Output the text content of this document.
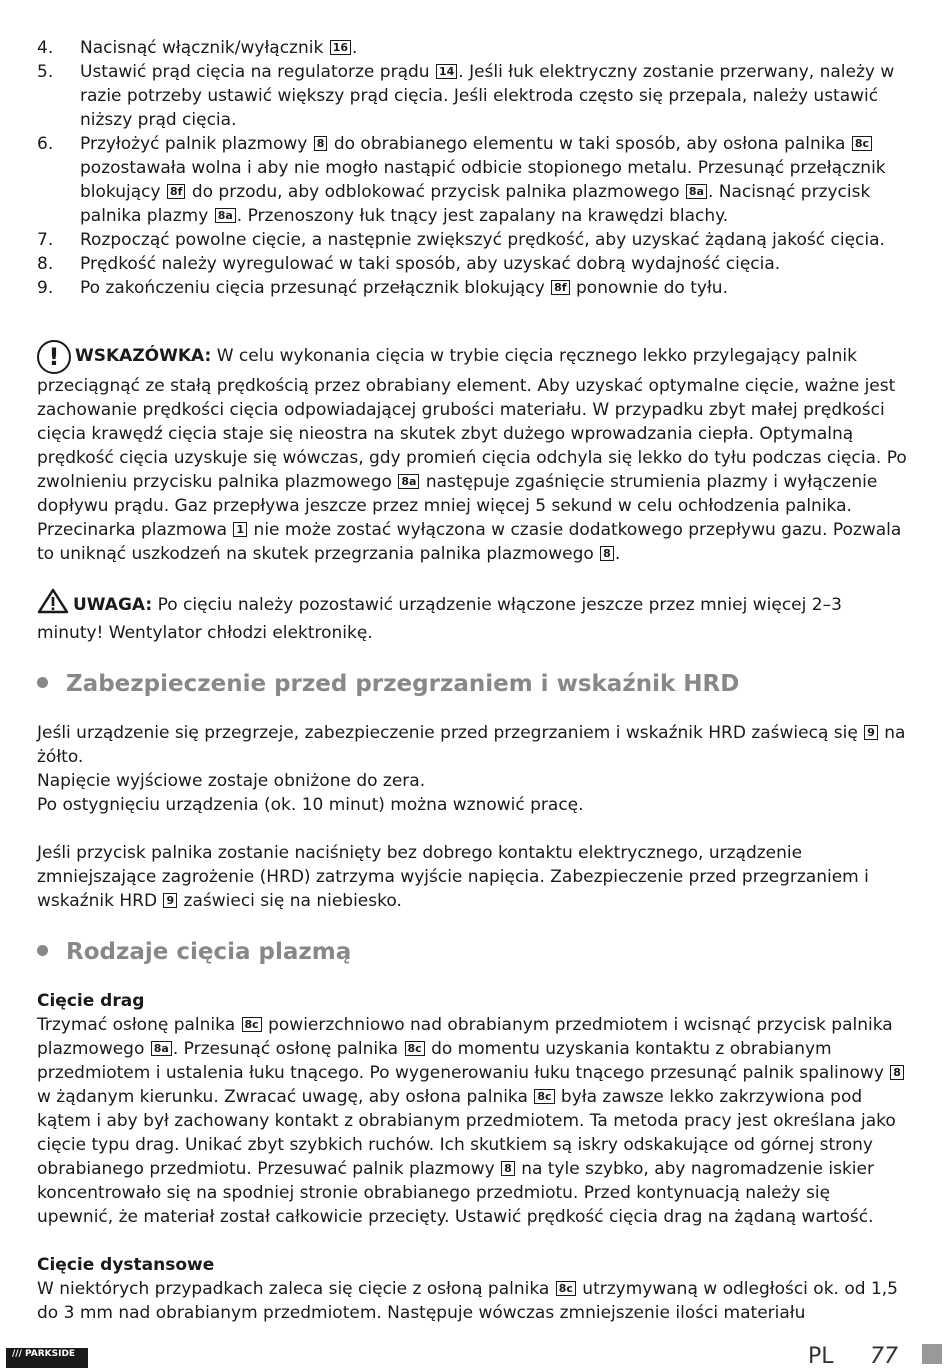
4. Nacisnąć włącznik/wyłącznik 16 .
5. Ustawić prąd cięcia na regulatorze prądu 14 . Jeśli łuk elektryczny zostanie przerwany, należy w razie potrzeby ustawić większy prąd cięcia. Jeśli elektroda często się przepala, należy ustawić niższy prąd cięcia.
6. Przyłożyć palnik plazmowy 8 do obrabianego elementu w taki sposób, aby osłona palnika 8c pozostawała wolna i aby nie mogło nastąpić odbicie stopionego metalu. Przesunąć przełącznik blokujący 8f do przodu, aby odblokować przycisk palnika plazmowego 8a . Nacisnąć przycisk palnika plazmy 8a . Przenoszony łuk tnący jest zapalany na krawędzi blachy.
7. Rozpocząć powolne cięcie, a następnie zwiększyć prędkość, aby uzyskać żądaną jakość cięcia.
8. Prędkość należy wyregulować w taki sposób, aby uzyskać dobrą wydajność cięcia.
9. Po zakończeniu cięcia przesunąć przełącznik blokujący 8f ponownie do tyłu.

! WSKAZÓWKA: W celu wykonania cięcia w trybie cięcia ręcznego lekko przylegający palnik przeciągnąć ze stałą prędkością przez obrabiany element. Aby uzyskać optymalne cięcie, ważne jest zachowanie prędkości cięcia odpowiadającej grubości materiału. W przypadku zbyt małej prędkości cięcia krawędź cięcia staje się nieostra na skutek zbyt dużego wprowadzania ciepła. Optymalną prędkość cięcia uzyskuje się wówczas, gdy promień cięcia odchyla się lekko do tyłu podczas cięcia. Po zwolnieniu przycisku palnika plazmowego 8a następuje zgaśnięcie strumienia plazmy i wyłączenie dopływu prądu. Gaz przepływa jeszcze przez mniej więcej 5 sekund w celu ochłodzenia palnika. Przecinarka plazmowa 1 nie może zostać wyłączona w czasie dodatkowego przepływu gazu. Pozwala to uniknąć uszkodzeń na skutek przegrzania palnika plazmowego 8 .

UWAGA: Po cięciu należy pozostawić urządzenie włączone jeszcze przez mniej więcej 2–3 minuty! Wentylator chłodzi elektronikę.

Zabezpieczenie przed przegrzaniem i wskaźnik HRD

Jeśli urządzenie się przegrzeje, zabezpieczenie przed przegrzaniem i wskaźnik HRD zaświecą się 9 na żółto.

Napięcie wyjściowe zostaje obniżone do zera.

Po ostygnięciu urządzenia (ok. 10 minut) można wznowić pracę.

Jeśli przycisk palnika zostanie naciśnięty bez dobrego kontaktu elektrycznego, urządzenie zmniejszające zagrożenie (HRD) zatrzyma wyjście napięcia. Zabezpieczenie przed przegrzaniem i wskaźnik HRD 9 zaświeci się na niebiesko.

Rodzaje cięcia plazmą
Cięcie drag

Trzymać osłonę palnika 8c powierzchniowo nad obrabianym przedmiotem i wcisnąć przycisk palnika plazmowego 8a . Przesunąć osłonę palnika 8c do momentu uzyskania kontaktu z obrabianym przedmiotem i ustalenia łuku tnącego. Po wygenerowaniu łuku tnącego przesunąć palnik spalinowy 8 w żądanym kierunku. Zwracać uwagę, aby osłona palnika 8c była zawsze lekko zakrzywiona pod kątem i aby był zachowany kontakt z obrabianym przedmiotem. Ta metoda pracy jest określana jako cięcie typu drag. Unikać zbyt szybkich ruchów. Ich skutkiem są iskry odskakujące od górnej strony obrabianego przedmiotu. Przesuwać palnik plazmowy 8 na tyle szybko, aby nagromadzenie iskier koncentrowało się na spodniej stronie obrabianego przedmiotu. Przed kontynuacją należy się upewnić, że materiał został całkowicie przecięty. Ustawić prędkość cięcia drag na żądaną wartość.

Cięcie dystansowe

W niektórych przypadkach zaleca się cięcie z osłoną palnika 8c utrzymywaną w odległości ok. od 1,5 do 3 mm nad obrabianym przedmiotem. Następuje wówczas zmniejszenie ilości materiału

/// PARKSIDE	PL 77
